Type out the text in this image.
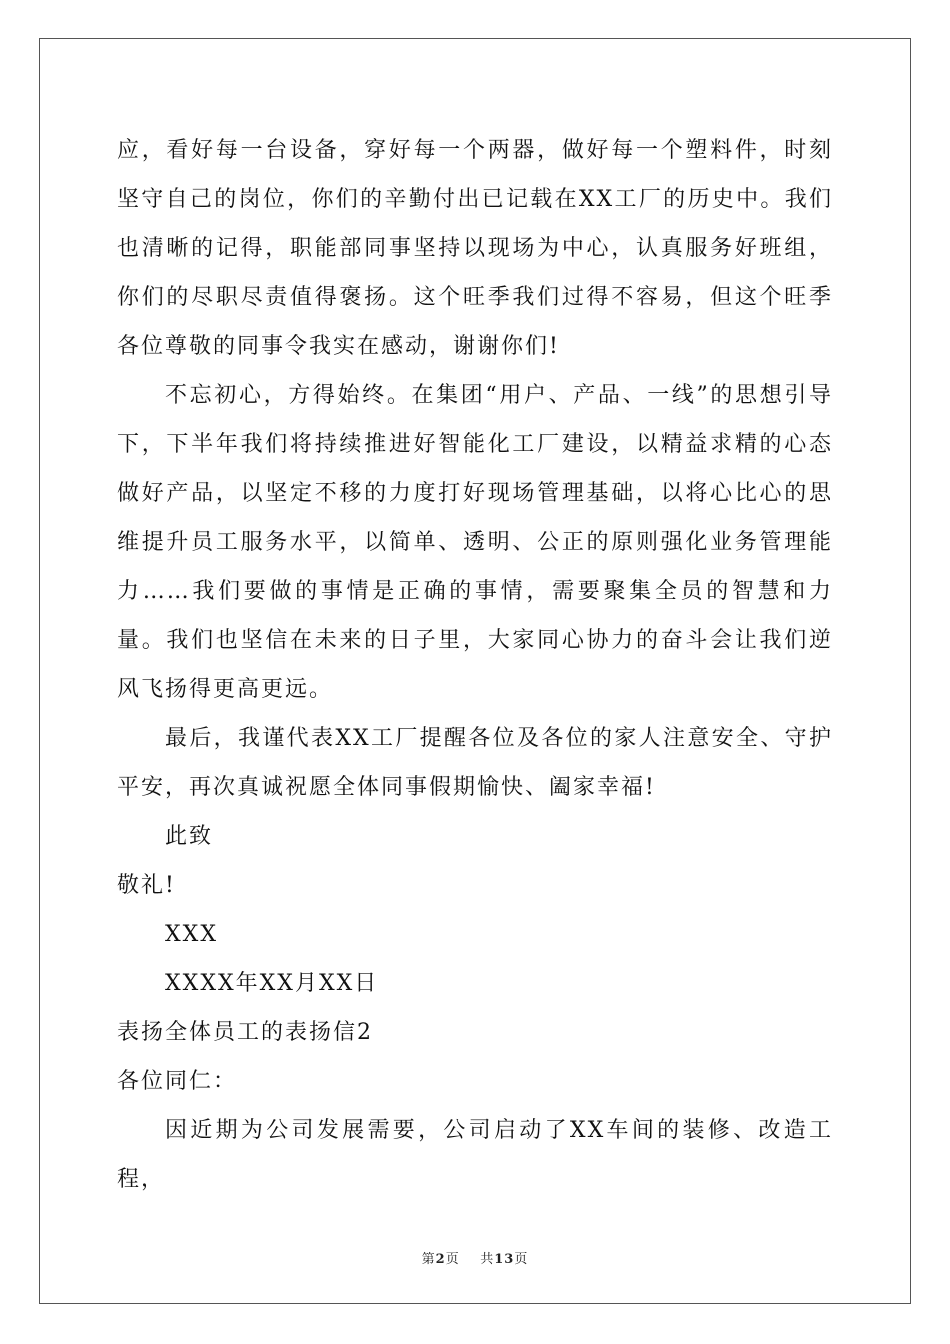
应，看好每一台设备，穿好每一个两器，做好每一个塑料件，时刻坚守自己的岗位，你们的辛勤付出已记载在XX工厂的历史中。我们也清晰的记得，职能部同事坚持以现场为中心，认真服务好班组，你们的尽职尽责值得褒扬。这个旺季我们过得不容易，但这个旺季各位尊敬的同事令我实在感动，谢谢你们!

不忘初心，方得始终。在集团“用户、产品、一线”的思想引导下，下半年我们将持续推进好智能化工厂建设，以精益求精的心态做好产品，以坚定不移的力度打好现场管理基础，以将心比心的思维提升员工服务水平，以简单、透明、公正的原则强化业务管理能力……我们要做的事情是正确的事情，需要聚集全员的智慧和力量。我们也坚信在未来的日子里，大家同心协力的奋斗会让我们逆风飞扬得更高更远。

最后，我谨代表XX工厂提醒各位及各位的家人注意安全、守护平安，再次真诚祝愿全体同事假期愉快、阖家幸福!

此致

敬礼!

XXX

XXXX年XX月XX日

表扬全体员工的表扬信2

各位同仁：

因近期为公司发展需要，公司启动了XX车间的装修、改造工程，

第2页 共13页
